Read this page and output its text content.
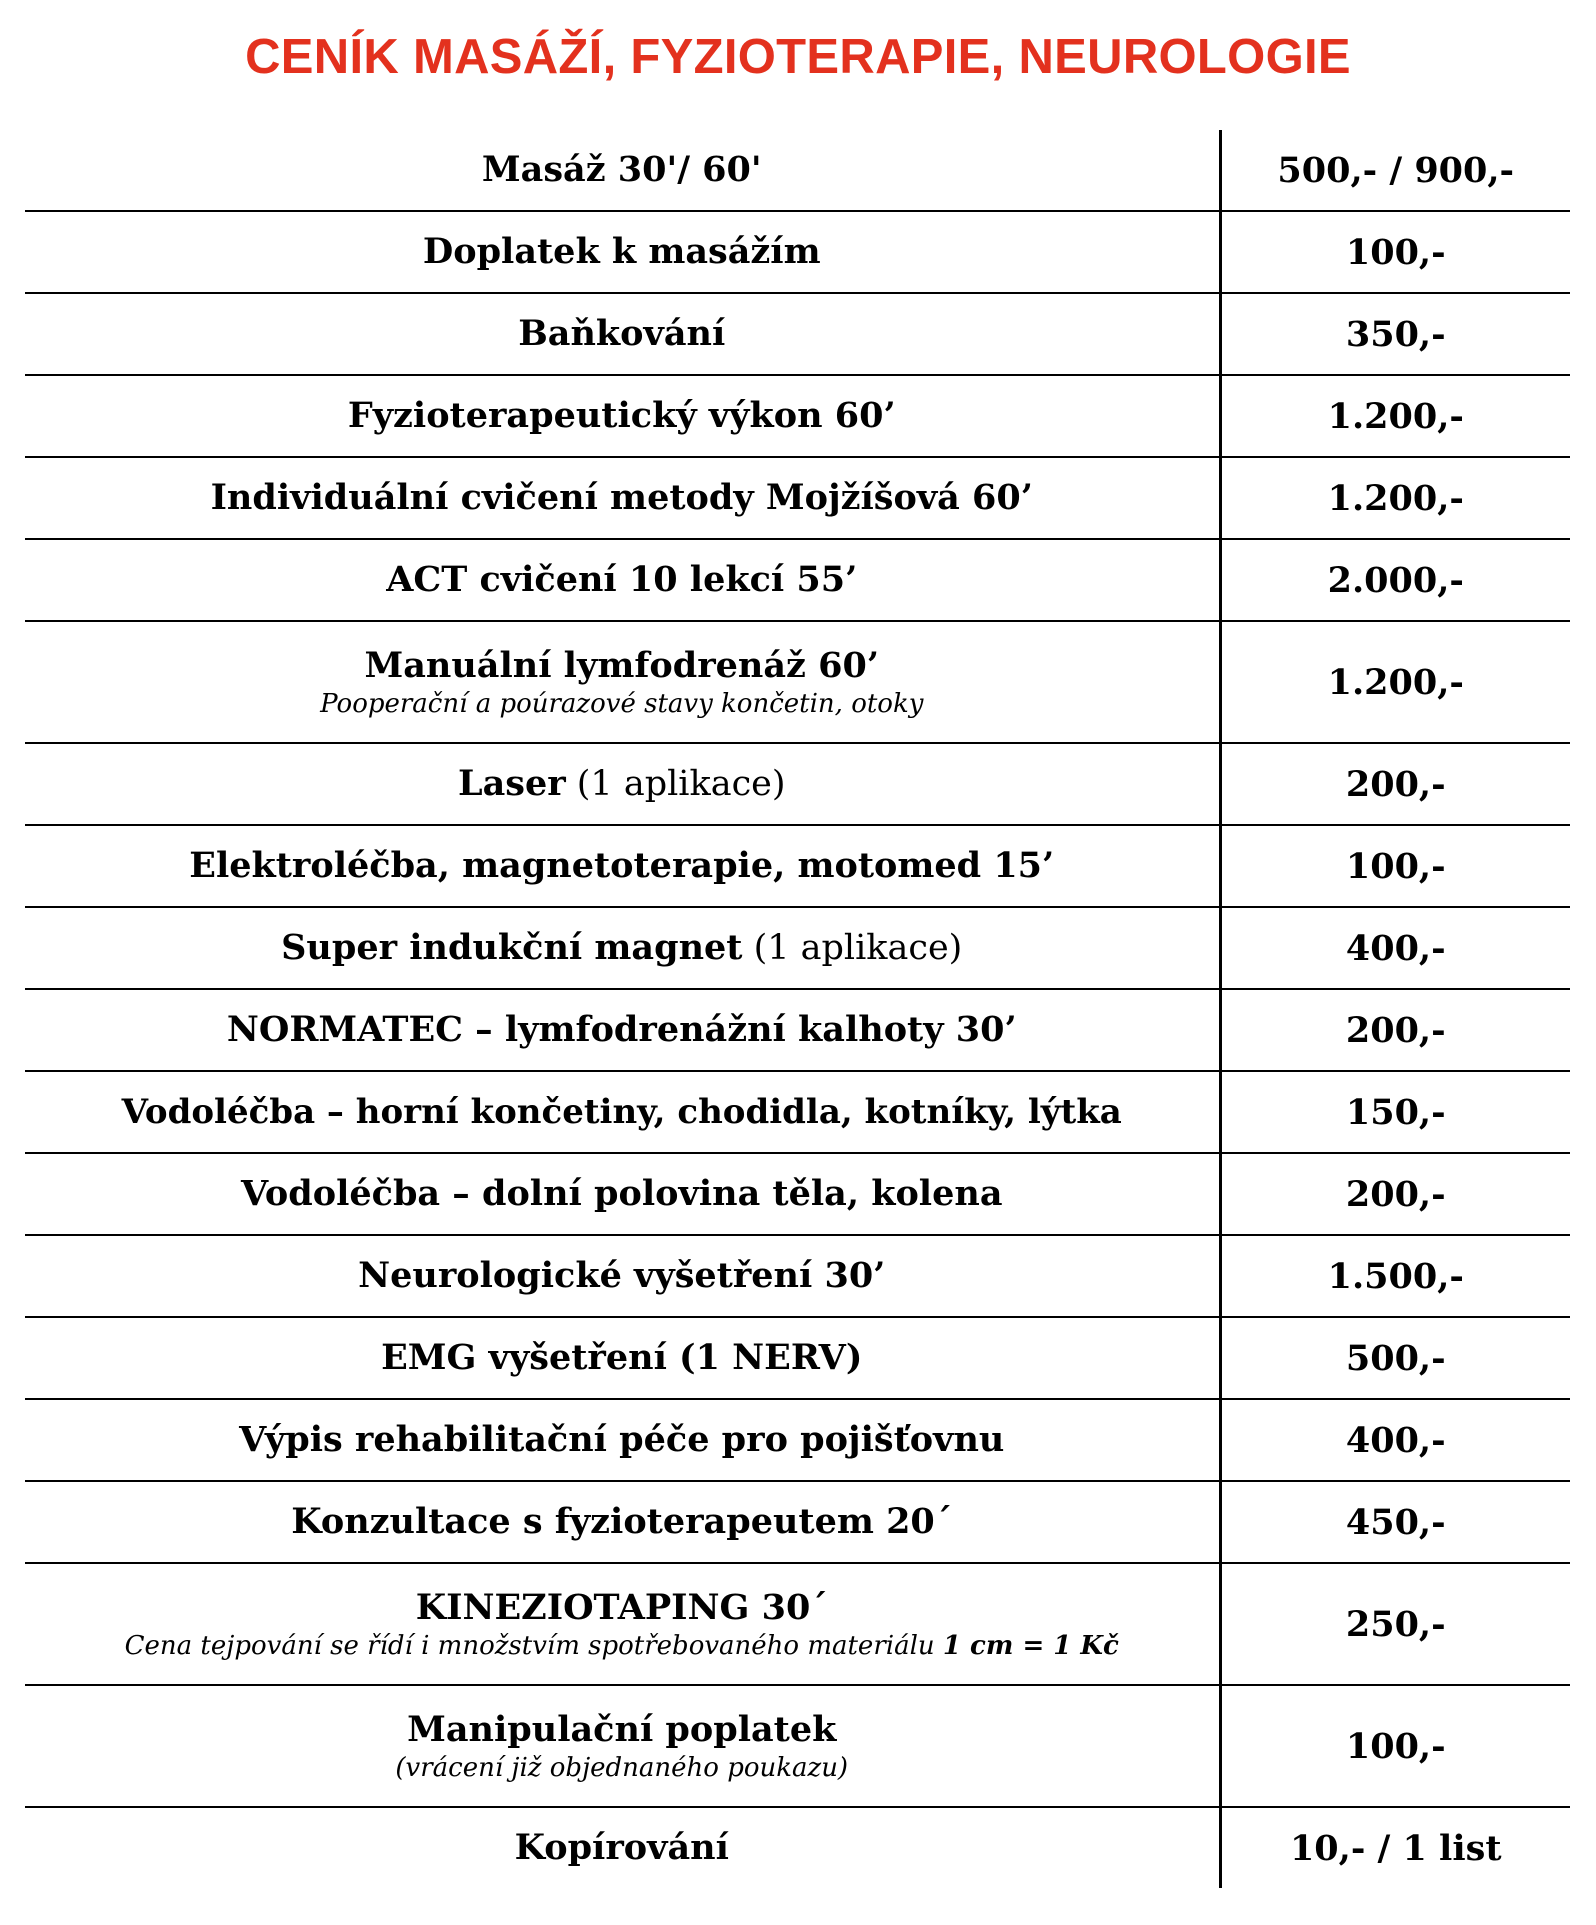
CENÍK MASÁŽÍ, FYZIOTERAPIE, NEUROLOGIE
Masáž 30'/ 60'	500,- / 900,-

Doplatek k masážím	100,-

Baňkování	350,-

Fyzioterapeutický výkon 60’	1.200,-

Individuální cvičení metody Mojžíšová 60’	1.200,-

ACT cvičení 10 lekcí 55’	2.000,-

Manuální lymfodrenáž 60’
Pooperační a poúrazové stavy končetin, otoky	1.200,-

Laser (1 aplikace)	200,-

Elektroléčba, magnetoterapie, motomed 15’	100,-

Super indukční magnet (1 aplikace)	400,-

NORMATEC – lymfodrenážní kalhoty 30’	200,-

Vodoléčba – horní končetiny, chodidla, kotníky, lýtka	150,-

Vodoléčba – dolní polovina těla, kolena	200,-

Neurologické vyšetření 30’	1.500,-

EMG vyšetření (1 NERV)	500,-

Výpis rehabilitační péče pro pojišťovnu	400,-

Konzultace s fyzioterapeutem 20´	450,-

KINEZIOTAPING 30´
Cena tejpování se řídí i množstvím spotřebovaného materiálu 1 cm = 1 Kč	250,-

Manipulační poplatek
(vrácení již objednaného poukazu)	100,-

Kopírování	10,- / 1 list
